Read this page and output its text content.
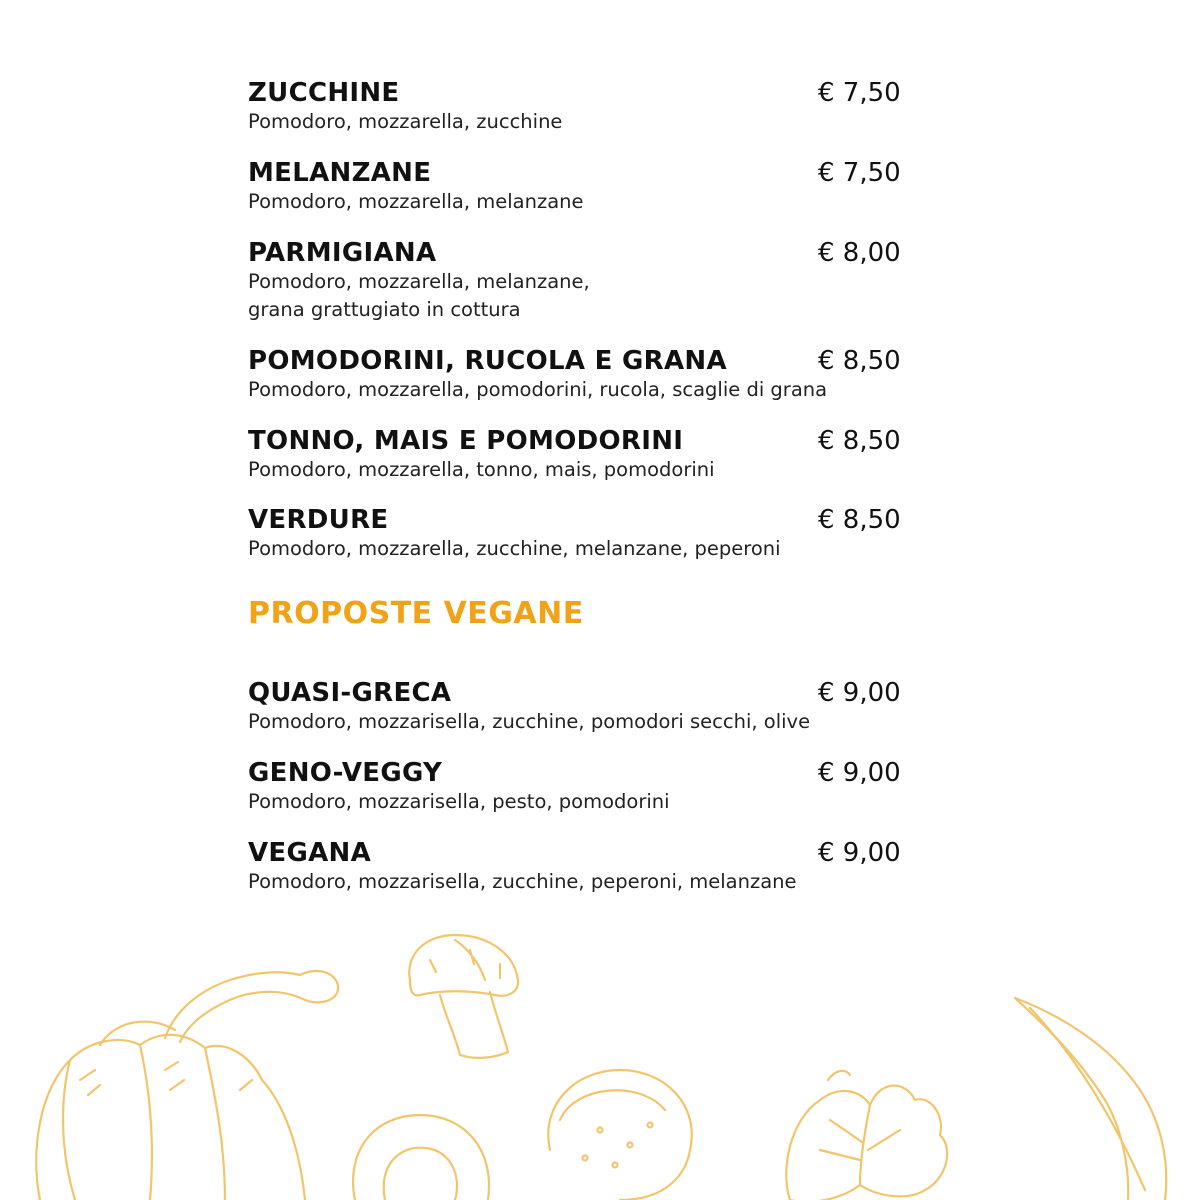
ZUCCHINE	€ 7,50
Pomodoro, mozzarella, zucchine
MELANZANE	€ 7,50
Pomodoro, mozzarella, melanzane
PARMIGIANA	€ 8,00
Pomodoro, mozzarella, melanzane,
grana grattugiato in cottura
POMODORINI, RUCOLA E GRANA	€ 8,50
Pomodoro, mozzarella, pomodorini, rucola, scaglie di grana
TONNO, MAIS E POMODORINI	€ 8,50
Pomodoro, mozzarella, tonno, mais, pomodorini
VERDURE	€ 8,50
Pomodoro, mozzarella, zucchine, melanzane, peperoni
PROPOSTE VEGANE
QUASI-GRECA	€ 9,00
Pomodoro, mozzarisella, zucchine, pomodori secchi, olive
GENO-VEGGY	€ 9,00
Pomodoro, mozzarisella, pesto, pomodorini
VEGANA	€ 9,00
Pomodoro, mozzarisella, zucchine, peperoni, melanzane
